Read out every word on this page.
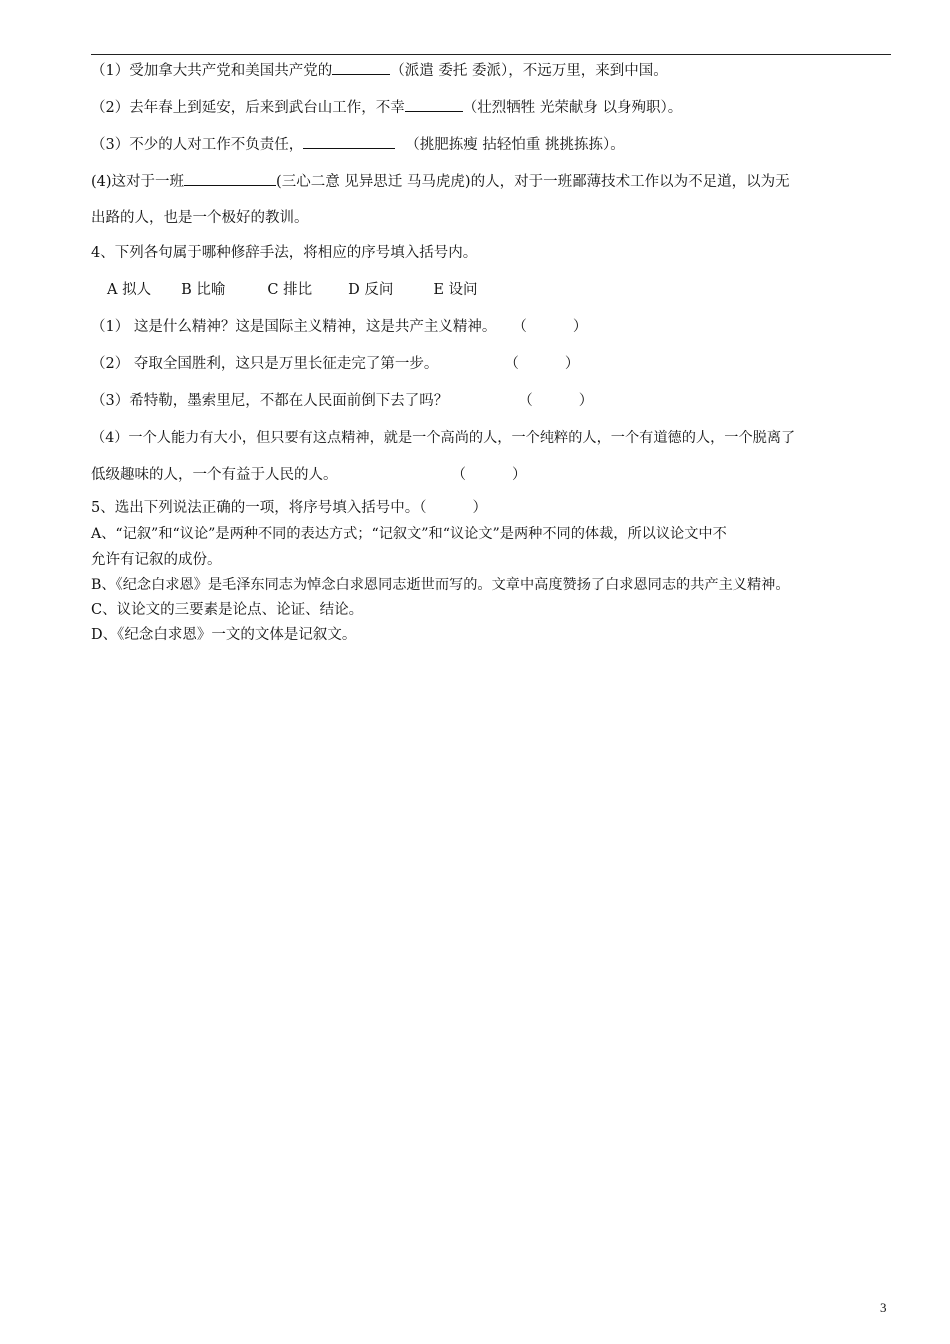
（1）受加拿大共产党和美国共产党的	（派遣 委托 委派），不远万里，来到中国。
（2）去年春上到延安，后来到武台山工作，不幸	（壮烈牺牲 光荣献身 以身殉职）。
（3）不少的人对工作不负责任，	（挑肥拣瘦 拈轻怕重 挑挑拣拣）。
(4)这对于一班	(三心二意 见异思迁 马马虎虎)的人，对于一班鄙薄技术工作以为不足道，以为无
出路的人，也是一个极好的教训。
4、下列各句属于哪种修辞手法，将相应的序号填入括号内。
A 拟人 B 比喻	C 排比 D 反问	E 设问
（1） 这是什么精神？这是国际主义精神，这是共产主义精神。 （	）
（2） 夺取全国胜利，这只是万里长征走完了第一步。	（	）
（3）希特勒，墨索里尼，不都在人民面前倒下去了吗？	（	）
（4）一个人能力有大小，但只要有这点精神，就是一个高尚的人，一个纯粹的人，一个有道德的人，一个脱离了
低级趣味的人，一个有益于人民的人。	（	）
5、选出下列说法正确的一项，将序号填入括号中。（	）
A、“记叙”和“议论”是两种不同的表达方式；“记叙文”和“议论文”是两种不同的体裁，所以议论文中不
允许有记叙的成份。
B、《纪念白求恩》是毛泽东同志为悼念白求恩同志逝世而写的。文章中高度赞扬了白求恩同志的共产主义精神。
C、议论文的三要素是论点、论证、结论。
D、《纪念白求恩》一文的文体是记叙文。
3
